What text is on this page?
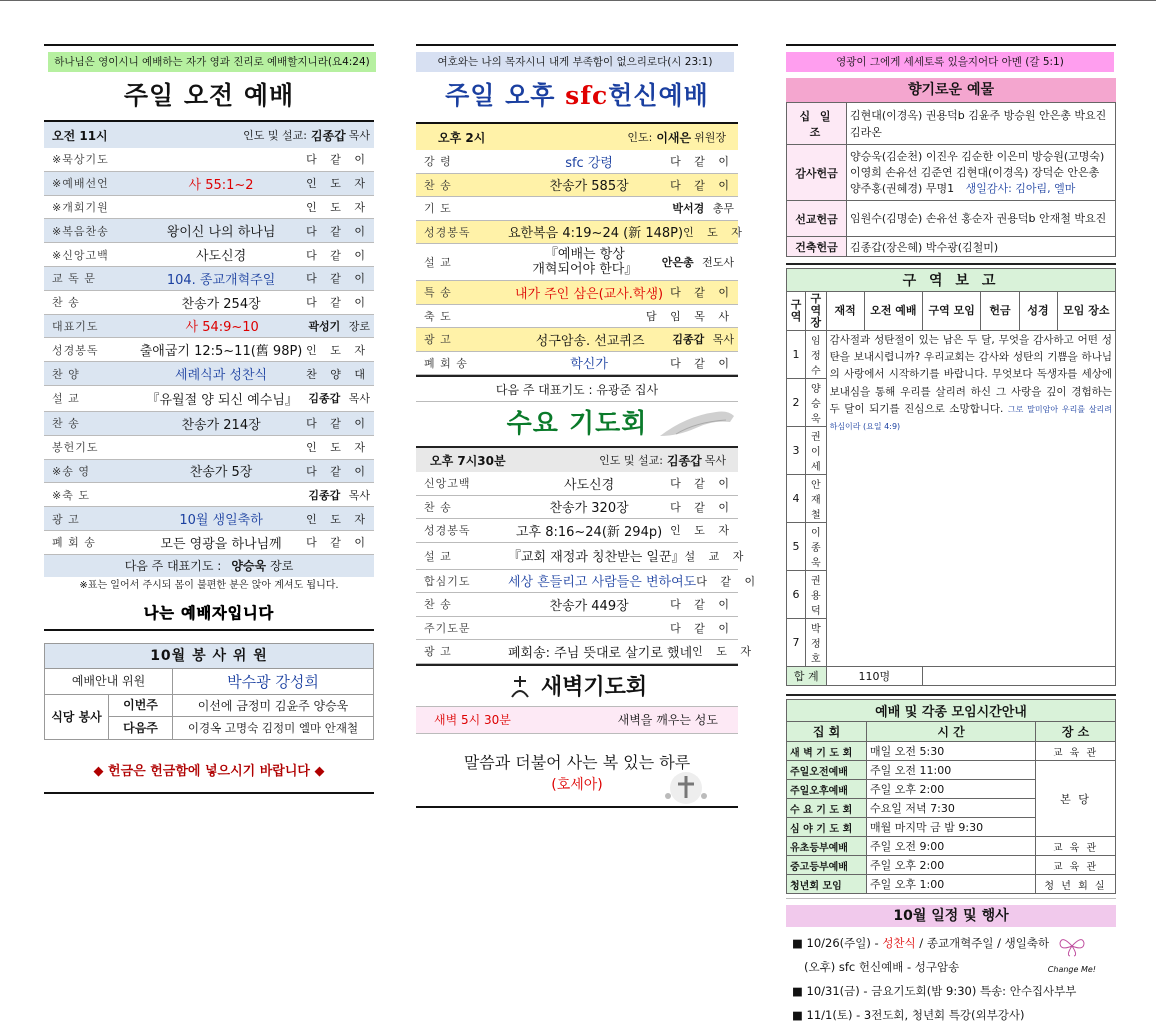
하나님은 영이시니 예배하는 자가 영과 진리로 예배할지니라(요4:24)
주일 오전 예배
오전 11시	인도 및 설교: 김종갑 목사
※묵상기도	다 같 이
※예배선언	사 55:1~2	인 도 자
※개회기원	인 도 자
※복음찬송	왕이신 나의 하나님	다 같 이
※신앙고백	사도신경	다 같 이
교 독 문	104. 종교개혁주일	다 같 이
찬 송	찬송가 254장	다 같 이
대표기도	사 54:9~10	곽성기 장로
성경봉독	출애굽기 12:5~11(舊 98P) 인 도 자
찬 양	세례식과 성찬식	찬 양 대
설 교	『유월절 양 되신 예수님』 김종갑 목사
찬 송	찬송가 214장	다 같 이
봉헌기도	인 도 자
※송 영	찬송가 5장	다 같 이
※축 도	김종갑 목사
광 고	10월 생일축하	인 도 자
폐 회 송	모든 영광을 하나님께	다 같 이
다음 주 대표기도 : 양승욱 장로
※표는 일어서 주시되 몸이 불편한 분은 앉아 계셔도 됩니다.
나는 예배자입니다
10월 봉 사 위 원
예배안내 위원	박수광 강성희
식당 봉사
이번주	이선에 금정미 김윤주 양승욱
다음주	이경옥 고명숙 김정미 엘마 안재철
◆ 헌금은 헌금함에 넣으시기 바랍니다 ◆
여호와는 나의 목자시니 내게 부족함이 없으리로다(시 23:1)
주일 오후 sfc헌신예배
오후 2시	인도: 이새은 위원장
강 령	sfc 강령	다 같 이
찬 송	찬송가 585장	다 같 이
기 도	박서경 총무
성경봉독	요한복음 4:19~24 (新 148P) 인 도 자
설 교
『예배는 항상
개혁되어야 한다』	안은총 전도사
특 송	내가 주인 삼은(교사.학생) 다 같 이
축 도	담 임 목 사
광 고	성구암송. 선교퀴즈	김종갑 목사
폐 회 송	학신가	다 같 이
다음 주 대표기도 : 유광준 집사
수요 기도회
오후 7시30분	인도 및 설교: 김종갑 목사
신앙고백	사도신경	다 같 이
찬 송	찬송가 320장	다 같 이
성경봉독	고후 8:16~24(新 294p) 인 도 자
설 교	『교회 재정과 칭찬받는 일꾼』 설 교 자
합심기도	세상 흔들리고 사람들은 변하여도 다 같 이
찬 송	찬송가 449장	다 같 이
주기도문	다 같 이
광 고	폐회송: 주님 뜻대로 살기로 했네 인 도 자
새벽기도회
새벽 5시 30분	새벽을 깨우는 성도
말씀과 더불어 사는 복 있는 하루
(호세아)
영광이 그에게 세세토록 있을지어다 아멘 (갈 5:1)
향기로운 예물
십 일 조	김현대(이경옥) 권용덕b 김윤주 방승원 안은총 박요진 김라온
감사헌금	양승욱(김순천) 이진우 김순한 이은미 방승원(고명숙) 이영희 손유선 김준연 김현대(이경옥) 장덕순 안은총 양주홍(권혜경) 무명1 생일감사: 김아림, 엘마
선교헌금	임원수(김명순) 손유선 홍순자 권용덕b 안재철 박요진
건축헌금	김종갑(장은혜) 박수광(김철미)
구 역 보 고							
구역	구역장	재적	오전 예배	구역 모임	헌금	성경	모임 장소
1	임정수	감사절과 성탄절이 있는 남은 두 달, 무엇을 감사하고 어떤 성탄을 보내시렵니까? 우리교회는 감사와 성탄의 기쁨을 하나님의 사랑에서 시작하기를 바랍니다. 무엇보다 독생자를 세상에 보내심을 통해 우리를 살리려 하신 그 사랑을 깊이 경험하는 두 달이 되기를 진심으로 소망합니다. 그로 말미암아 우리를 살리려 하심이라 (요일 4:9)					
2	양승욱						
3	권이세						
4	안재철						
5	이종욱						
6	권용덕						
7	박정호						
합 계		110명					
예배 및 각종 모임시간안내		
집 회	시 간	장 소
새 벽 기 도 회	매일 오전 5:30	교 육 관
주일오전예배	주일 오전 11:00	본 당
주일오후예배	주일 오후 2:00	
수 요 기 도 회	수요일 저녁 7:30	
심 야 기 도 회	매월 마지막 금 밤 9:30	
유초등부예배	주일 오전 9:00	교 육 관
중고등부예배	주일 오후 2:00	교 육 관
청년회 모임	주일 오후 1:00	청 년 회 실
10월 일정 및 행사
■ 10/26(주일) - 성찬식 / 종교개혁주일 / 생일축하
(오후) sfc 헌신예배 - 성구암송
■ 10/31(금) - 금요기도회(밤 9:30) 특송: 안수집사부부
■ 11/1(토) - 3전도회, 청년회 특강(외부강사)
Change Me!
